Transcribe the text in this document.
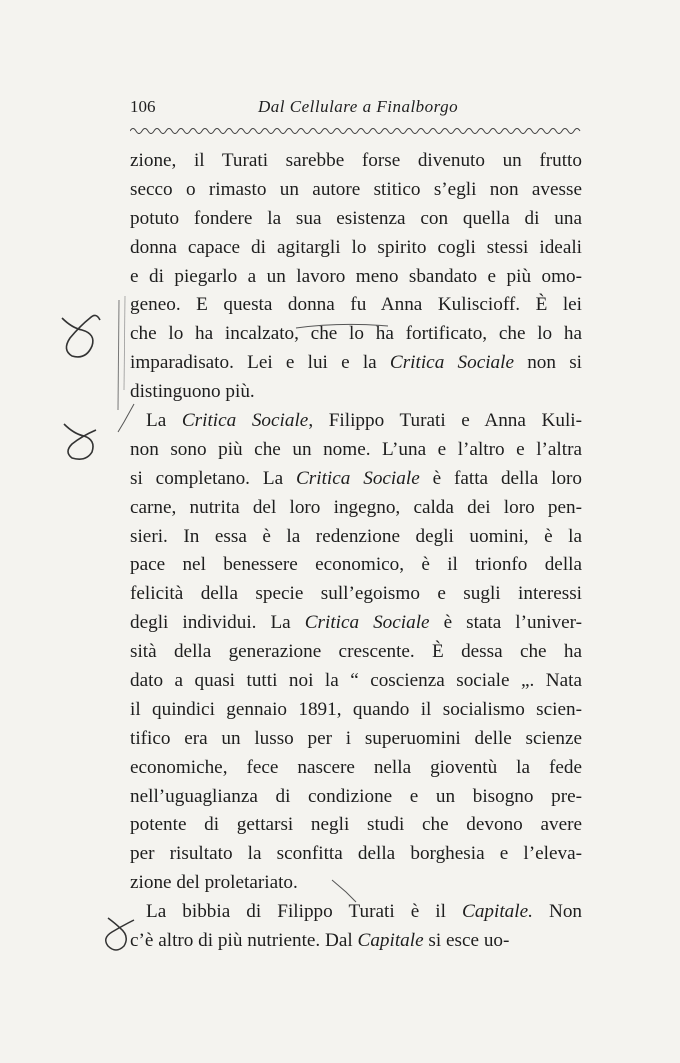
106	Dal Cellulare a Finalborgo
zione, il Turati sarebbe forse divenuto un frutto
secco o rimasto un autore stitico s’egli non avesse
potuto fondere la sua esistenza con quella di una
donna capace di agitargli lo spirito cogli stessi ideali
e di piegarlo a un lavoro meno sbandato e più omo-
geneo. E questa donna fu Anna Kuliscioff. È lei
che lo ha incalzato, che lo ha fortificato, che lo ha
imparadisato. Lei e lui e la Critica Sociale non si
distinguono più.
La Critica Sociale, Filippo Turati e Anna Kuli-
non sono più che un nome. L’una e l’altro e l’altra
si completano. La Critica Sociale è fatta della loro
carne, nutrita del loro ingegno, calda dei loro pen-
sieri. In essa è la redenzione degli uomini, è la
pace nel benessere economico, è il trionfo della
felicità della specie sull’egoismo e sugli interessi
degli individui. La Critica Sociale è stata l’univer-
sità della generazione crescente. È dessa che ha
dato a quasi tutti noi la “ coscienza sociale „. Nata
il quindici gennaio 1891, quando il socialismo scien-
tifico era un lusso per i superuomini delle scienze
economiche, fece nascere nella gioventù la fede
nell’uguaglianza di condizione e un bisogno pre-
potente di gettarsi negli studi che devono avere
per risultato la sconfitta della borghesia e l’eleva-
zione del proletariato.
La bibbia di Filippo Turati è il Capitale. Non
c’è altro di più nutriente. Dal Capitale si esce uo-
